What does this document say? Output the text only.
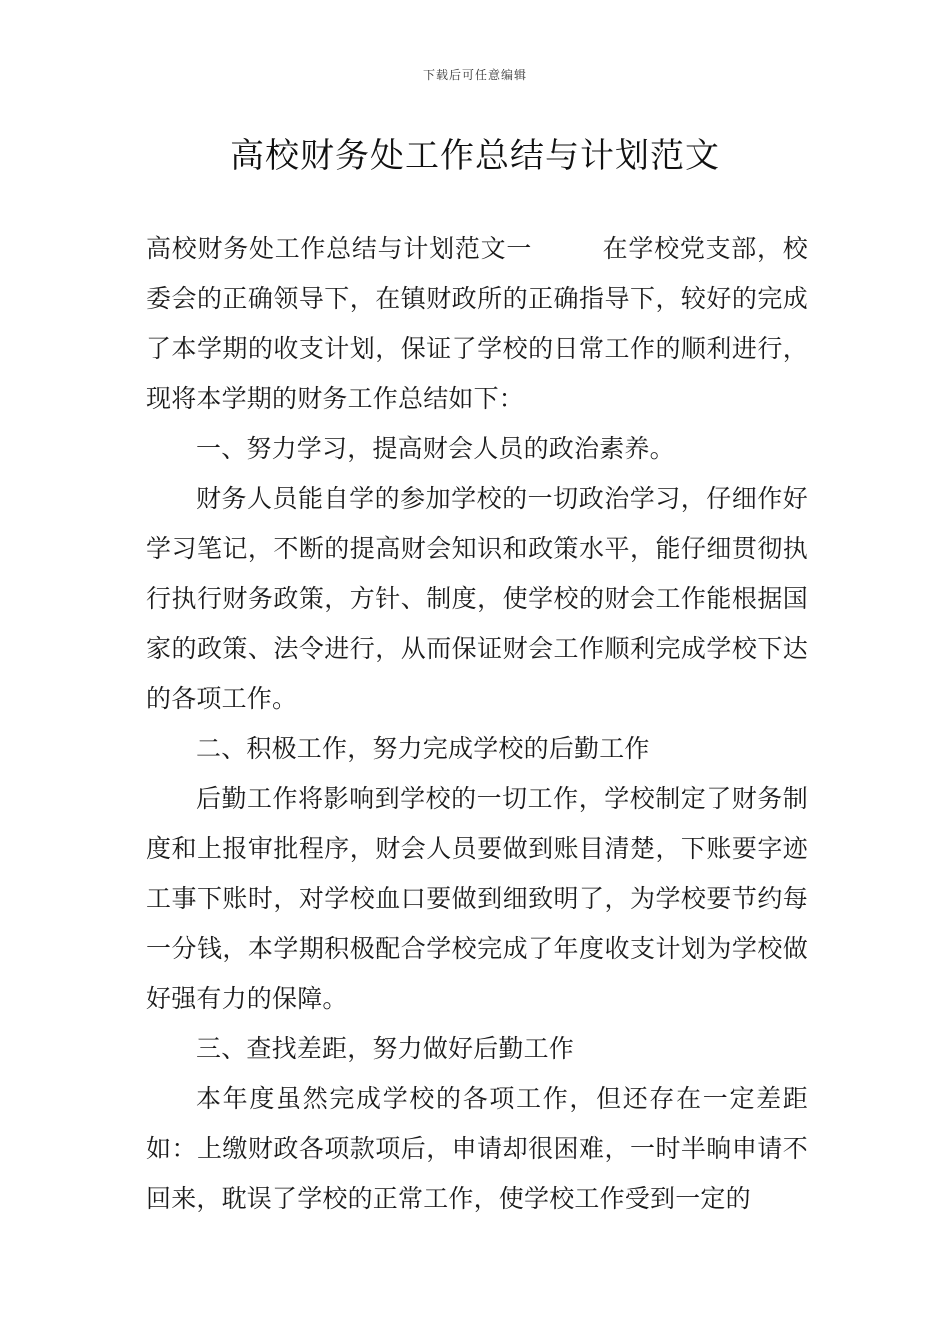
下载后可任意编辑
高校财务处工作总结与计划范文

高校财务处工作总结与计划范文一	在学校党支部，校委会的正确领导下，在镇财政所的正确指导下，较好的完成了本学期的收支计划，保证了学校的日常工作的顺利进行，现将本学期的财务工作总结如下：

一、努力学习，提高财会人员的政治素养。

财务人员能自学的参加学校的一切政治学习，仔细作好学习笔记，不断的提高财会知识和政策水平，能仔细贯彻执行执行财务政策，方针、制度，使学校的财会工作能根据国家的政策、法令进行，从而保证财会工作顺利完成学校下达的各项工作。

二、积极工作，努力完成学校的后勤工作

后勤工作将影响到学校的一切工作，学校制定了财务制度和上报审批程序，财会人员要做到账目清楚，下账要字迹工事下账时，对学校血口要做到细致明了，为学校要节约每一分钱，本学期积极配合学校完成了年度收支计划为学校做好强有力的保障。

三、查找差距，努力做好后勤工作

本年度虽然完成学校的各项工作，但还存在一定差距如：上缴财政各项款项后，申请却很困难，一时半晌申请不回来，耽误了学校的正常工作，使学校工作受到一定的
